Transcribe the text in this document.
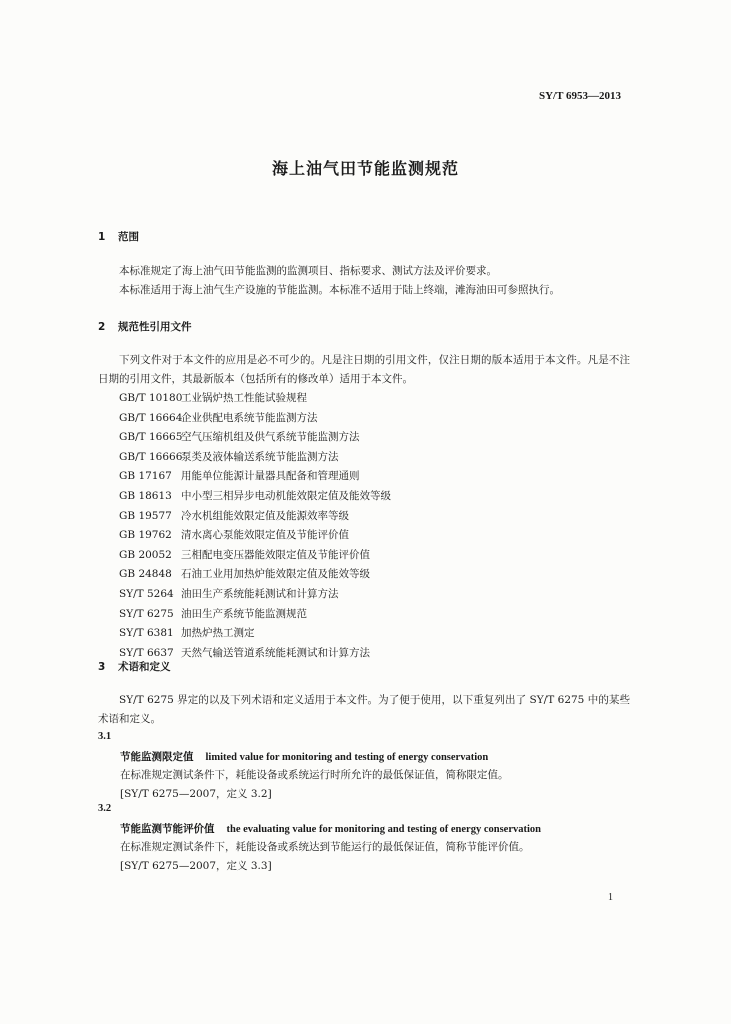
SY/T 6953—2013
海上油气田节能监测规范
1 范围
本标准规定了海上油气田节能监测的监测项目、指标要求、测试方法及评价要求。
本标准适用于海上油气生产设施的节能监测。本标准不适用于陆上终端，滩海油田可参照执行。
2 规范性引用文件
下列文件对于本文件的应用是必不可少的。凡是注日期的引用文件，仅注日期的版本适用于本文件。凡是不注日期的引用文件，其最新版本（包括所有的修改单）适用于本文件。
GB/T 10180工业锅炉热工性能试验规程
GB/T 16664企业供配电系统节能监测方法
GB/T 16665空气压缩机组及供气系统节能监测方法
GB/T 16666泵类及液体输送系统节能监测方法
GB 17167 用能单位能源计量器具配备和管理通则
GB 18613 中小型三相异步电动机能效限定值及能效等级
GB 19577 冷水机组能效限定值及能源效率等级
GB 19762 清水离心泵能效限定值及节能评价值
GB 20052 三相配电变压器能效限定值及节能评价值
GB 24848 石油工业用加热炉能效限定值及能效等级
SY/T 5264 油田生产系统能耗测试和计算方法
SY/T 6275 油田生产系统节能监测规范
SY/T 6381 加热炉热工测定
SY/T 6637 天然气输送管道系统能耗测试和计算方法
3 术语和定义
SY/T 6275 界定的以及下列术语和定义适用于本文件。为了便于使用，以下重复列出了 SY/T 6275 中的某些术语和定义。
3.1
节能监测限定值 limited value for monitoring and testing of energy conservation
在标准规定测试条件下，耗能设备或系统运行时所允许的最低保证值，简称限定值。
[SY/T 6275—2007，定义 3.2]
3.2
节能监测节能评价值 the evaluating value for monitoring and testing of energy conservation
在标准规定测试条件下，耗能设备或系统达到节能运行的最低保证值，简称节能评价值。
[SY/T 6275—2007，定义 3.3]
1
